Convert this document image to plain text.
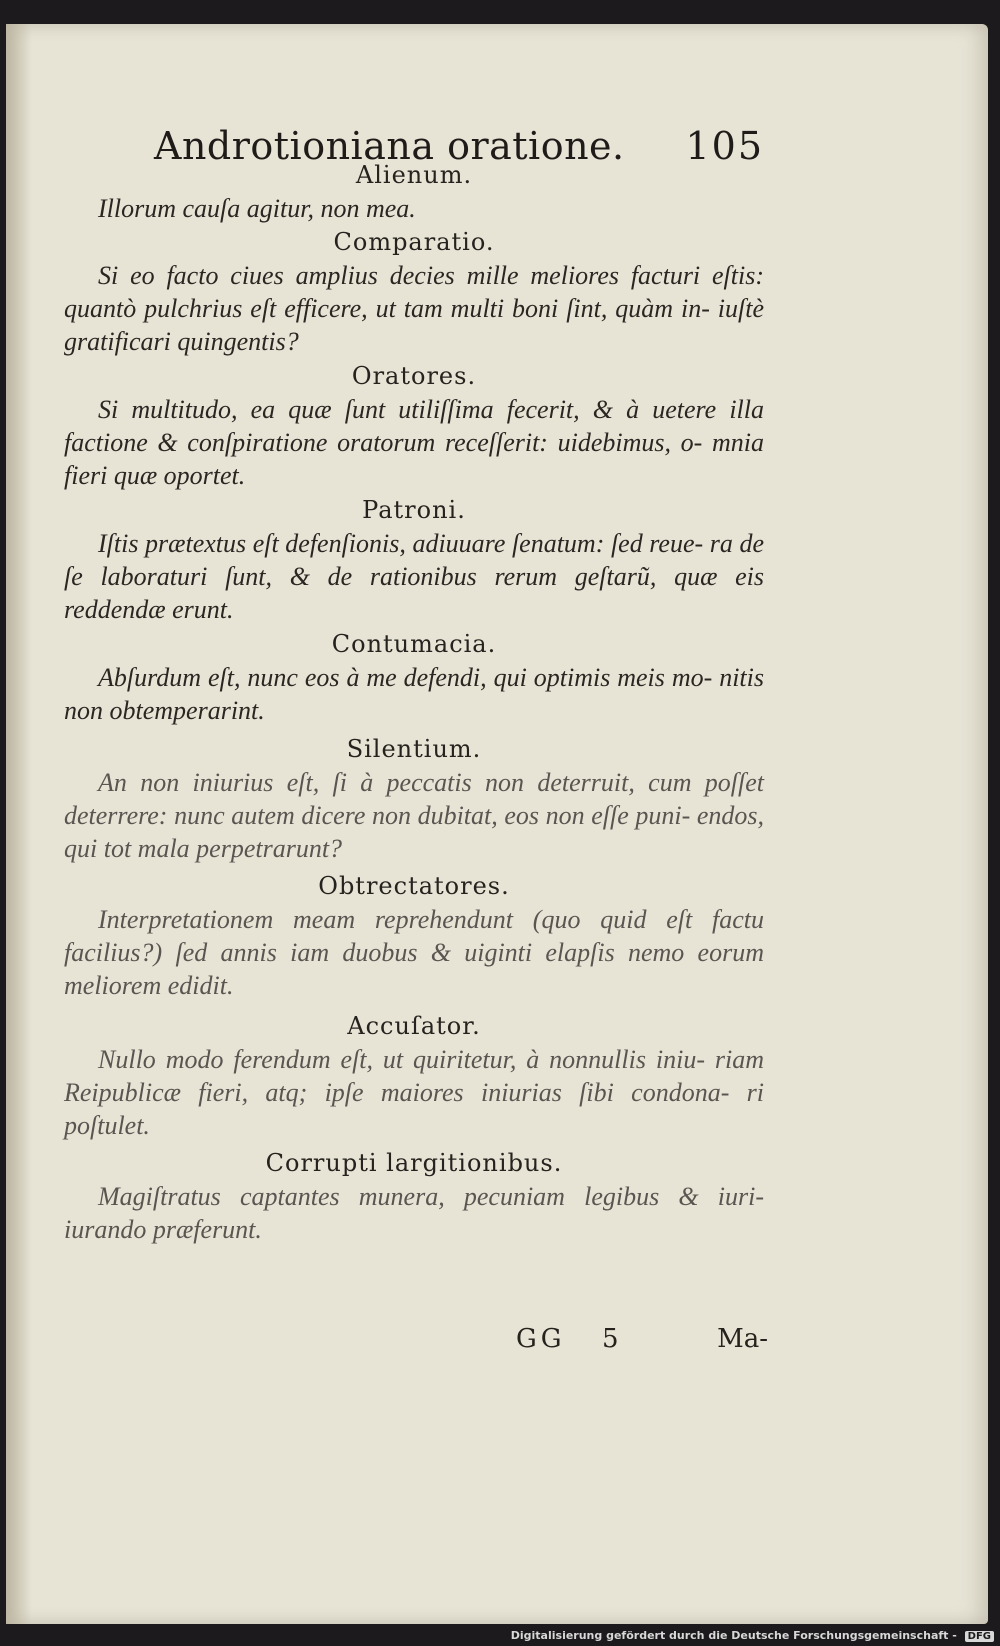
Androtioniana oratione. 105
Alienum.
Illorum cauſa agitur, non mea.
Comparatio.
Si eo facto ciues amplius decies mille meliores facturi eſtis: quantò pulchrius eſt efficere, ut tam multi boni ſint, quàm in- iuſtè gratificari quingentis?
Oratores.
Si multitudo, ea quæ ſunt utiliſſima fecerit, & à uetere illa factione & conſpiratione oratorum receſſerit: uidebimus, o- mnia fieri quæ oportet.
Patroni.
Iſtis prætextus eſt defenſionis, adiuuare ſenatum: ſed reue- ra de ſe laboraturi ſunt, & de rationibus rerum geſtarũ, quæ eis reddendæ erunt.
Contumacia.
Abſurdum eſt, nunc eos à me defendi, qui optimis meis mo- nitis non obtemperarint.
Silentium.
An non iniurius eſt, ſi à peccatis non deterruit, cum poſſet deterrere: nunc autem dicere non dubitat, eos non eſſe puni- endos, qui tot mala perpetrarunt?
Obtrectatores.
Interpretationem meam reprehendunt (quo quid eſt factu facilius?) ſed annis iam duobus & uiginti elapſis nemo eorum meliorem edidit.
Accuſator.
Nullo modo ferendum eſt, ut quiritetur, à nonnullis iniu- riam Reipublicæ fieri, atq; ipſe maiores iniurias ſibi condona- ri poſtulet.
Corrupti largitionibus.
Magiſtratus captantes munera, pecuniam legibus & iuri- iurando præferunt.
GG 5	Ma-
Digitalisierung gefördert durch die Deutsche Forschungsgemeinschaft - DFG
